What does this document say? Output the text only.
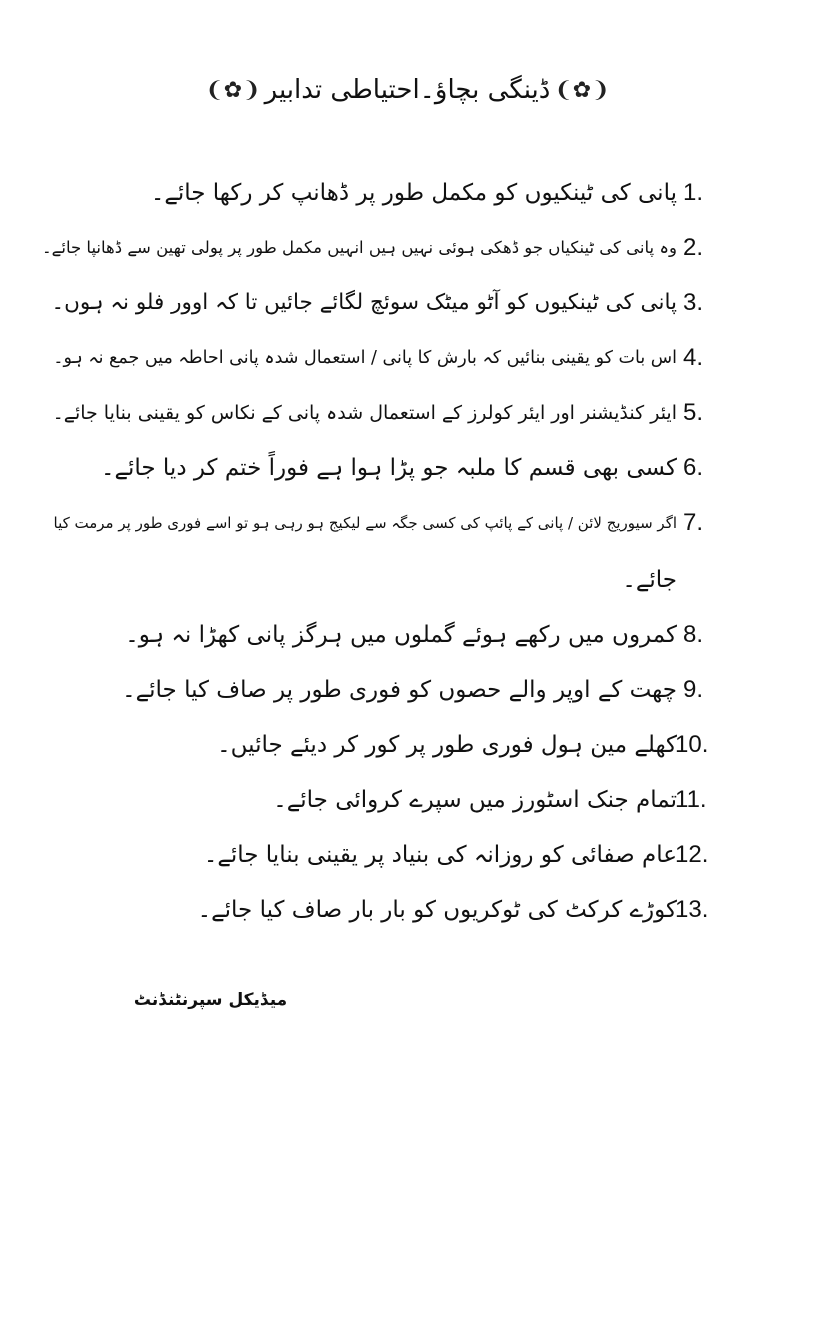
❨✿❩ڈینگی بچاؤ۔احتیاطی تدابیر❨✿❩
پانی کی ٹینکیوں کو مکمل طور پر ڈھانپ کر رکھا جائے۔ 1.
وہ پانی کی ٹینکیاں جو ڈھکی ہوئی نہیں ہیں انہیں مکمل طور پر پولی تھین سے ڈھانپا جائے۔ 2.
پانی کی ٹینکیوں کو آٹو میٹک سوئچ لگائے جائیں تا کہ اوور فلو نہ ہوں۔ 3.
اس بات کو یقینی بنائیں کہ بارش کا پانی / استعمال شدہ پانی احاطہ میں جمع نہ ہو۔ 4.
ایئر کنڈیشنر اور ایئر کولرز کے استعمال شدہ پانی کے نکاس کو یقینی بنایا جائے۔ 5.
کسی بھی قسم کا ملبہ جو پڑا ہوا ہے فوراً ختم کر دیا جائے۔ 6.
اگر سیوریج لائن / پانی کے پائپ کی کسی جگہ سے لیکیج ہو رہی ہو تو اسے فوری طور پر مرمت کیا 7.
جائے۔
کمروں میں رکھے ہوئے گملوں میں ہرگز پانی کھڑا نہ ہو۔ 8.
چھت کے اوپر والے حصوں کو فوری طور پر صاف کیا جائے۔ 9.
کھلے مین ہول فوری طور پر کور کر دیئے جائیں۔
10.
تمام جنک اسٹورز میں سپرے کروائی جائے۔
11.
عام صفائی کو روزانہ کی بنیاد پر یقینی بنایا جائے۔
12.
کوڑے کرکٹ کی ٹوکریوں کو بار بار صاف کیا جائے۔
13.
میڈیکل سپرنٹنڈنٹ
